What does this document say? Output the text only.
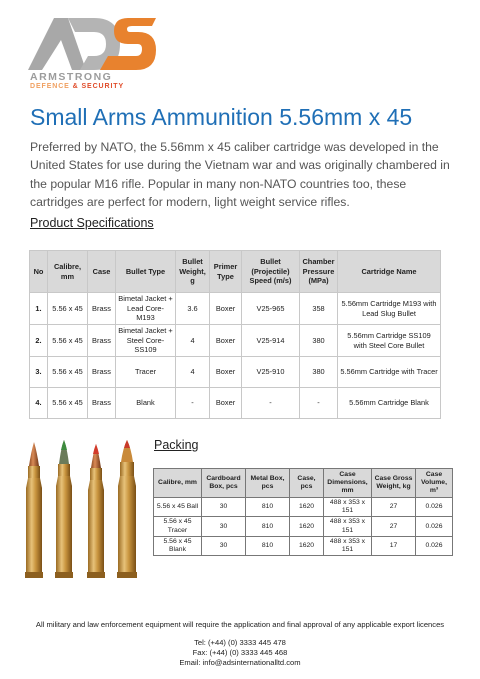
ARMSTRONG
DEFENCE & SECURITY
Small Arms Ammunition 5.56mm x 45
Preferred by NATO, the 5.56mm x 45 caliber cartridge was developed in the United States for use during the Vietnam war and was originally chambered in the popular M16 rifle. Popular in many non-NATO countries too, these cartridges are perfect for modern, light weight service rifles.
Product Specifications
No	Calibre, mm	Case	Bullet Type	Bullet Weight, g	Primer Type	Bullet (Projectile) Speed (m/s)	Chamber Pressure (MPa)	Cartridge Name
1.	5.56 x 45	Brass	Bimetal Jacket + Lead Core- M193	3.6	Boxer	V25-965	358	5.56mm Cartridge M193 with Lead Slug Bullet
2.	5.56 x 45	Brass	Bimetal Jacket + Steel Core- SS109	4	Boxer	V25-914	380	5.56mm Cartridge SS109 with Steel Core Bullet
3.	5.56 x 45	Brass	Tracer	4	Boxer	V25-910	380	5.56mm Cartridge with Tracer
4.	5.56 x 45	Brass	Blank	-	Boxer	-	-	5.56mm Cartridge Blank
Packing
Calibre, mm	Cardboard Box, pcs	Metal Box, pcs	Case, pcs	Case Dimensions, mm	Case Gross Weight, kg	Case Volume, m³
5.56 x 45 Ball	30	810	1620	488 x 353 x 151	27	0.026
5.56 x 45 Tracer	30	810	1620	488 x 353 x 151	27	0.026
5.56 x 45 Blank	30	810	1620	488 x 353 x 151	17	0.026
All military and law enforcement equipment will require the application and final approval of any applicable export licences
Tel: (+44) (0) 3333 445 478
Fax: (+44) (0) 3333 445 468
Email: info@adsinternationalltd.com
